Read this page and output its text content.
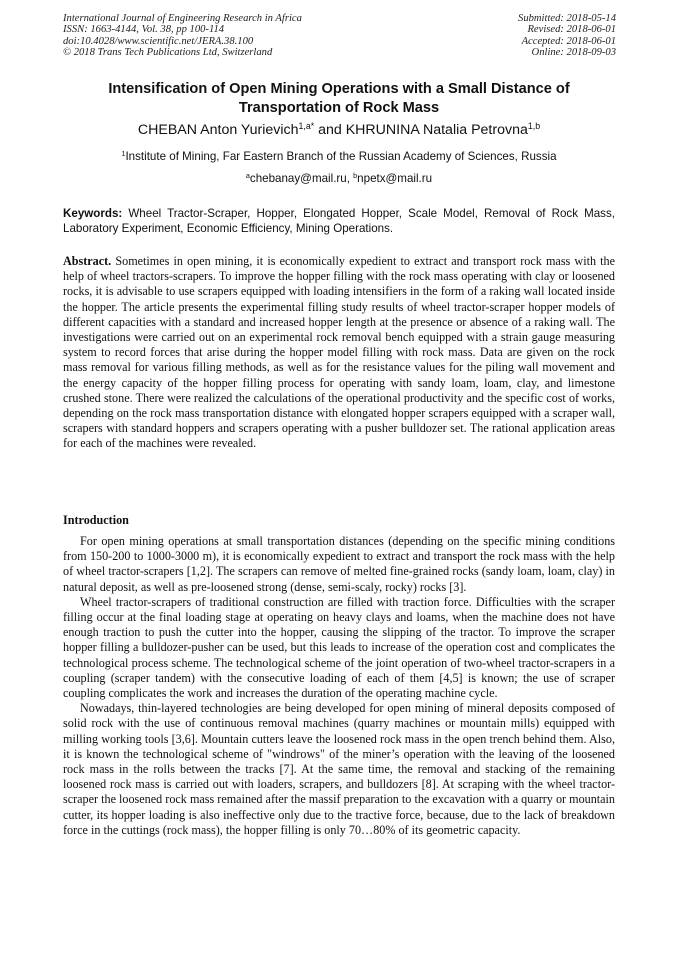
International Journal of Engineering Research in Africa
ISSN: 1663-4144, Vol. 38, pp 100-114
doi:10.4028/www.scientific.net/JERA.38.100
© 2018 Trans Tech Publications Ltd, Switzerland
Submitted: 2018-05-14
Revised: 2018-06-01
Accepted: 2018-06-01
Online: 2018-09-03
Intensification of Open Mining Operations with a Small Distance of Transportation of Rock Mass
CHEBAN Anton Yurievich$^{1,a*}$ and KHRUNINA Natalia Petrovna$^{1,b}$
$^1$Institute of Mining, Far Eastern Branch of the Russian Academy of Sciences, Russia
$^a$chebanay@mail.ru, $^b$npetx@mail.ru

Keywords: Wheel Tractor-Scraper, Hopper, Elongated Hopper, Scale Model, Removal of Rock Mass, Laboratory Experiment, Economic Efficiency, Mining Operations.

Abstract. Sometimes in open mining, it is economically expedient to extract and transport rock mass with the help of wheel tractors-scrapers. To improve the hopper filling with the rock mass operating with clay or loosened rocks, it is advisable to use scrapers equipped with loading intensifiers in the form of a raking wall located inside the hopper. The article presents the experimental filling study results of wheel tractor-scraper hopper models of different capacities with a standard and increased hopper length at the presence or absence of a raking wall. The investigations were carried out on an experimental rock removal bench equipped with a strain gauge measuring system to record forces that arise during the hopper model filling with rock mass. Data are given on the rock mass removal for various filling methods, as well as for the resistance values for the piling wall movement and the energy capacity of the hopper filling process for operating with sandy loam, loam, clay, and limestone crushed stone. There were realized the calculations of the operational productivity and the specific cost of works, depending on the rock mass transportation distance with elongated hopper scrapers equipped with a scraper wall, scrapers with standard hoppers and scrapers operating with a pusher bulldozer set. The rational application areas for each of the machines were revealed.

Introduction

For open mining operations at small transportation distances (depending on the specific mining conditions from 150-200 to 1000-3000 m), it is economically expedient to extract and transport the rock mass with the help of wheel tractor-scrapers [1,2]. The scrapers can remove of melted fine-grained rocks (sandy loam, loam, clay) in natural deposit, as well as pre-loosened strong (dense, semi-scaly, rocky) rocks [3].

Wheel tractor-scrapers of traditional construction are filled with traction force. Difficulties with the scraper filling occur at the final loading stage at operating on heavy clays and loams, when the machine does not have enough traction to push the cutter into the hopper, causing the slipping of the tractor. To improve the scraper hopper filling a bulldozer-pusher can be used, but this leads to increase of the operation cost and complicates the technological process scheme. The technological scheme of the joint operation of two-wheel tractor-scrapers in a coupling (scraper tandem) with the consecutive loading of each of them [4,5] is known; the use of scraper coupling complicates the work and increases the duration of the operating machine cycle.

Nowadays, thin-layered technologies are being developed for open mining of mineral deposits composed of solid rock with the use of continuous removal machines (quarry machines or mountain mills) equipped with milling working tools [3,6]. Mountain cutters leave the loosened rock mass in the open trench behind them. Also, it is known the technological scheme of "windrows" of the miner’s operation with the leaving of the loosened rock mass in the rolls between the tracks [7]. At the same time, the removal and stacking of the remaining loosened rock mass is carried out with loaders, scrapers, and bulldozers [8]. At scraping with the wheel tractor-scraper the loosened rock mass remained after the massif preparation to the excavation with a quarry or mountain cutter, its hopper loading is also ineffective only due to the tractive force, because, due to the lack of breakdown force in the cuttings (rock mass), the hopper filling is only 70…80% of its geometric capacity.
